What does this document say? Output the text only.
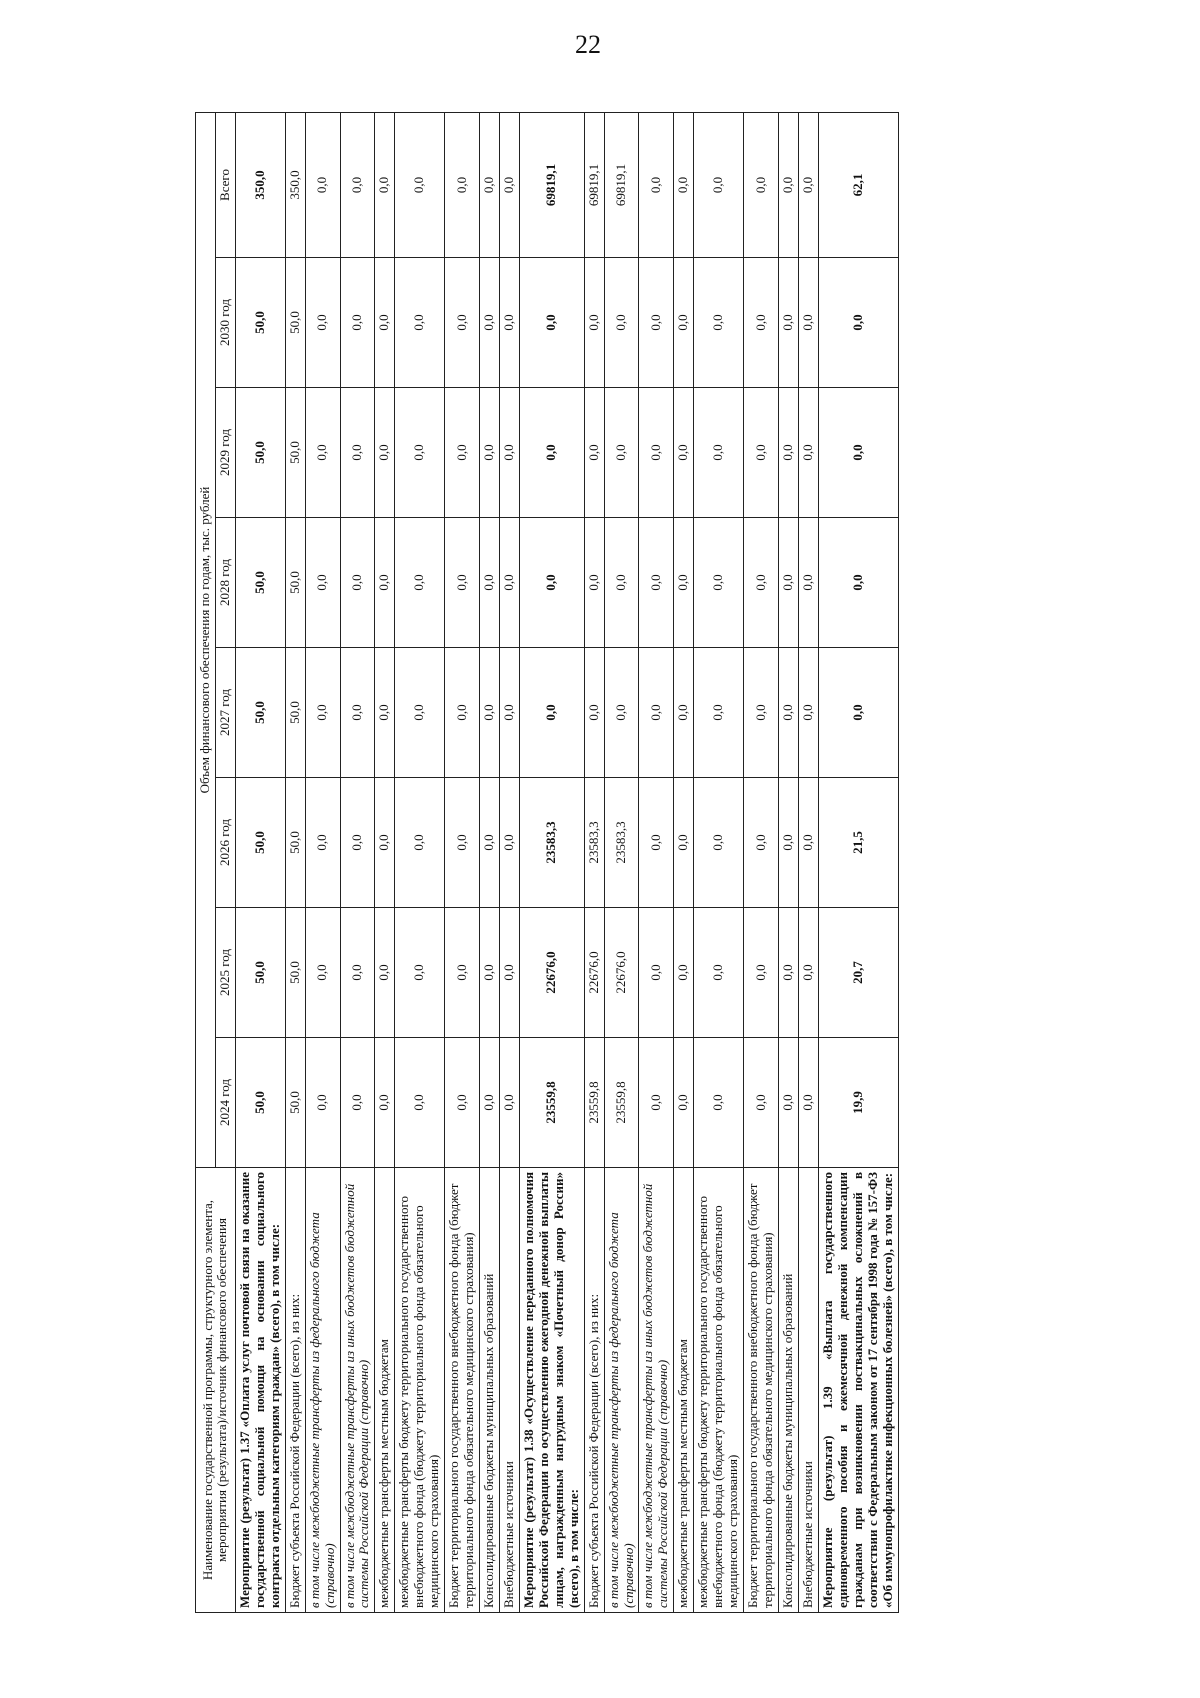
22
Наименование государственной программы, структурного элемента, мероприятия (результата)/источник финансового обеспечения	Объем финансового обеспечения по годам, тыс. рублей							
	2024 год	2025 год	2026 год	2027 год	2028 год	2029 год	2030 год	Всего
Мероприятие (результат) 1.37 «Оплата услуг почтовой связи на оказание государственной социальной помощи на основании социального контракта отдельным категориям граждан» (всего), в том числе:	50,0	50,0	50,0	50,0	50,0	50,0	50,0	350,0
Бюджет субъекта Российской Федерации (всего), из них:	50,0	50,0	50,0	50,0	50,0	50,0	50,0	350,0
в том числе межбюджетные трансферты из федерального бюджета (справочно)	0,0	0,0	0,0	0,0	0,0	0,0	0,0	0,0
в том числе межбюджетные трансферты из иных бюджетов бюджетной системы Российской Федерации (справочно)	0,0	0,0	0,0	0,0	0,0	0,0	0,0	0,0
межбюджетные трансферты местным бюджетам	0,0	0,0	0,0	0,0	0,0	0,0	0,0	0,0
межбюджетные трансферты бюджету территориального государственного внебюджетного фонда (бюджету территориального фонда обязательного медицинского страхования)	0,0	0,0	0,0	0,0	0,0	0,0	0,0	0,0
Бюджет территориального государственного внебюджетного фонда (бюджет территориального фонда обязательного медицинского страхования)	0,0	0,0	0,0	0,0	0,0	0,0	0,0	0,0
Консолидированные бюджеты муниципальных образований	0,0	0,0	0,0	0,0	0,0	0,0	0,0	0,0
Внебюджетные источники	0,0	0,0	0,0	0,0	0,0	0,0	0,0	0,0
Мероприятие (результат) 1.38 «Осуществление переданного полномочия Российской Федерации по осуществлению ежегодной денежной выплаты лицам, награжденным нагрудным знаком «Почетный донор России» (всего), в том числе:	23559,8	22676,0	23583,3	0,0	0,0	0,0	0,0	69819,1
Бюджет субъекта Российской Федерации (всего), из них:	23559,8	22676,0	23583,3	0,0	0,0	0,0	0,0	69819,1
в том числе межбюджетные трансферты из федерального бюджета (справочно)	23559,8	22676,0	23583,3	0,0	0,0	0,0	0,0	69819,1
в том числе межбюджетные трансферты из иных бюджетов бюджетной системы Российской Федерации (справочно)	0,0	0,0	0,0	0,0	0,0	0,0	0,0	0,0
межбюджетные трансферты местным бюджетам	0,0	0,0	0,0	0,0	0,0	0,0	0,0	0,0
межбюджетные трансферты бюджету территориального государственного внебюджетного фонда (бюджету территориального фонда обязательного медицинского страхования)	0,0	0,0	0,0	0,0	0,0	0,0	0,0	0,0
Бюджет территориального государственного внебюджетного фонда (бюджет территориального фонда обязательного медицинского страхования)	0,0	0,0	0,0	0,0	0,0	0,0	0,0	0,0
Консолидированные бюджеты муниципальных образований	0,0	0,0	0,0	0,0	0,0	0,0	0,0	0,0
Внебюджетные источники	0,0	0,0	0,0	0,0	0,0	0,0	0,0	0,0
Мероприятие (результат) 1.39 «Выплата государственного единовременного пособия и ежемесячной денежной компенсации гражданам при возникновении поствакцинальных осложнений в соответствии с Федеральным законом от 17 сентября 1998 года № 157-ФЗ «Об иммунопрофилактике инфекционных болезней» (всего), в том числе:	19,9	20,7	21,5	0,0	0,0	0,0	0,0	62,1
